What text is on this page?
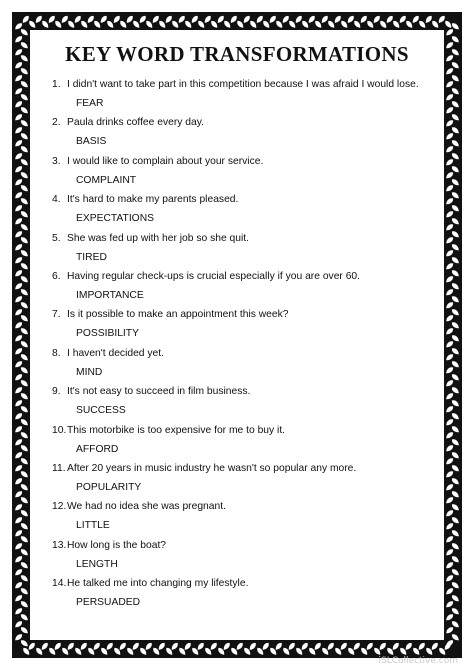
KEY WORD TRANSFORMATIONS
1. I didn't want to take part in this competition because I was afraid I would lose.
FEAR
2. Paula drinks coffee every day.
BASIS
3. I would like to complain about your service.
COMPLAINT
4. It's hard to make my parents pleased.
EXPECTATIONS
5. She was fed up with her job so she quit.
TIRED
6. Having regular check-ups is crucial especially if you are over 60.
IMPORTANCE
7. Is it possible to make an appointment this week?
POSSIBILITY
8. I haven't decided yet.
MIND
9. It's not easy to succeed in film business.
SUCCESS
10.This motorbike is too expensive for me to buy it.
AFFORD
11.After 20 years in music industry he wasn't so popular any more.
POPULARITY
12.We had no idea she was pregnant.
LITTLE
13.How long is the boat?
LENGTH
14.He talked me into changing my lifestyle.
PERSUADED
iSLCollective.com
